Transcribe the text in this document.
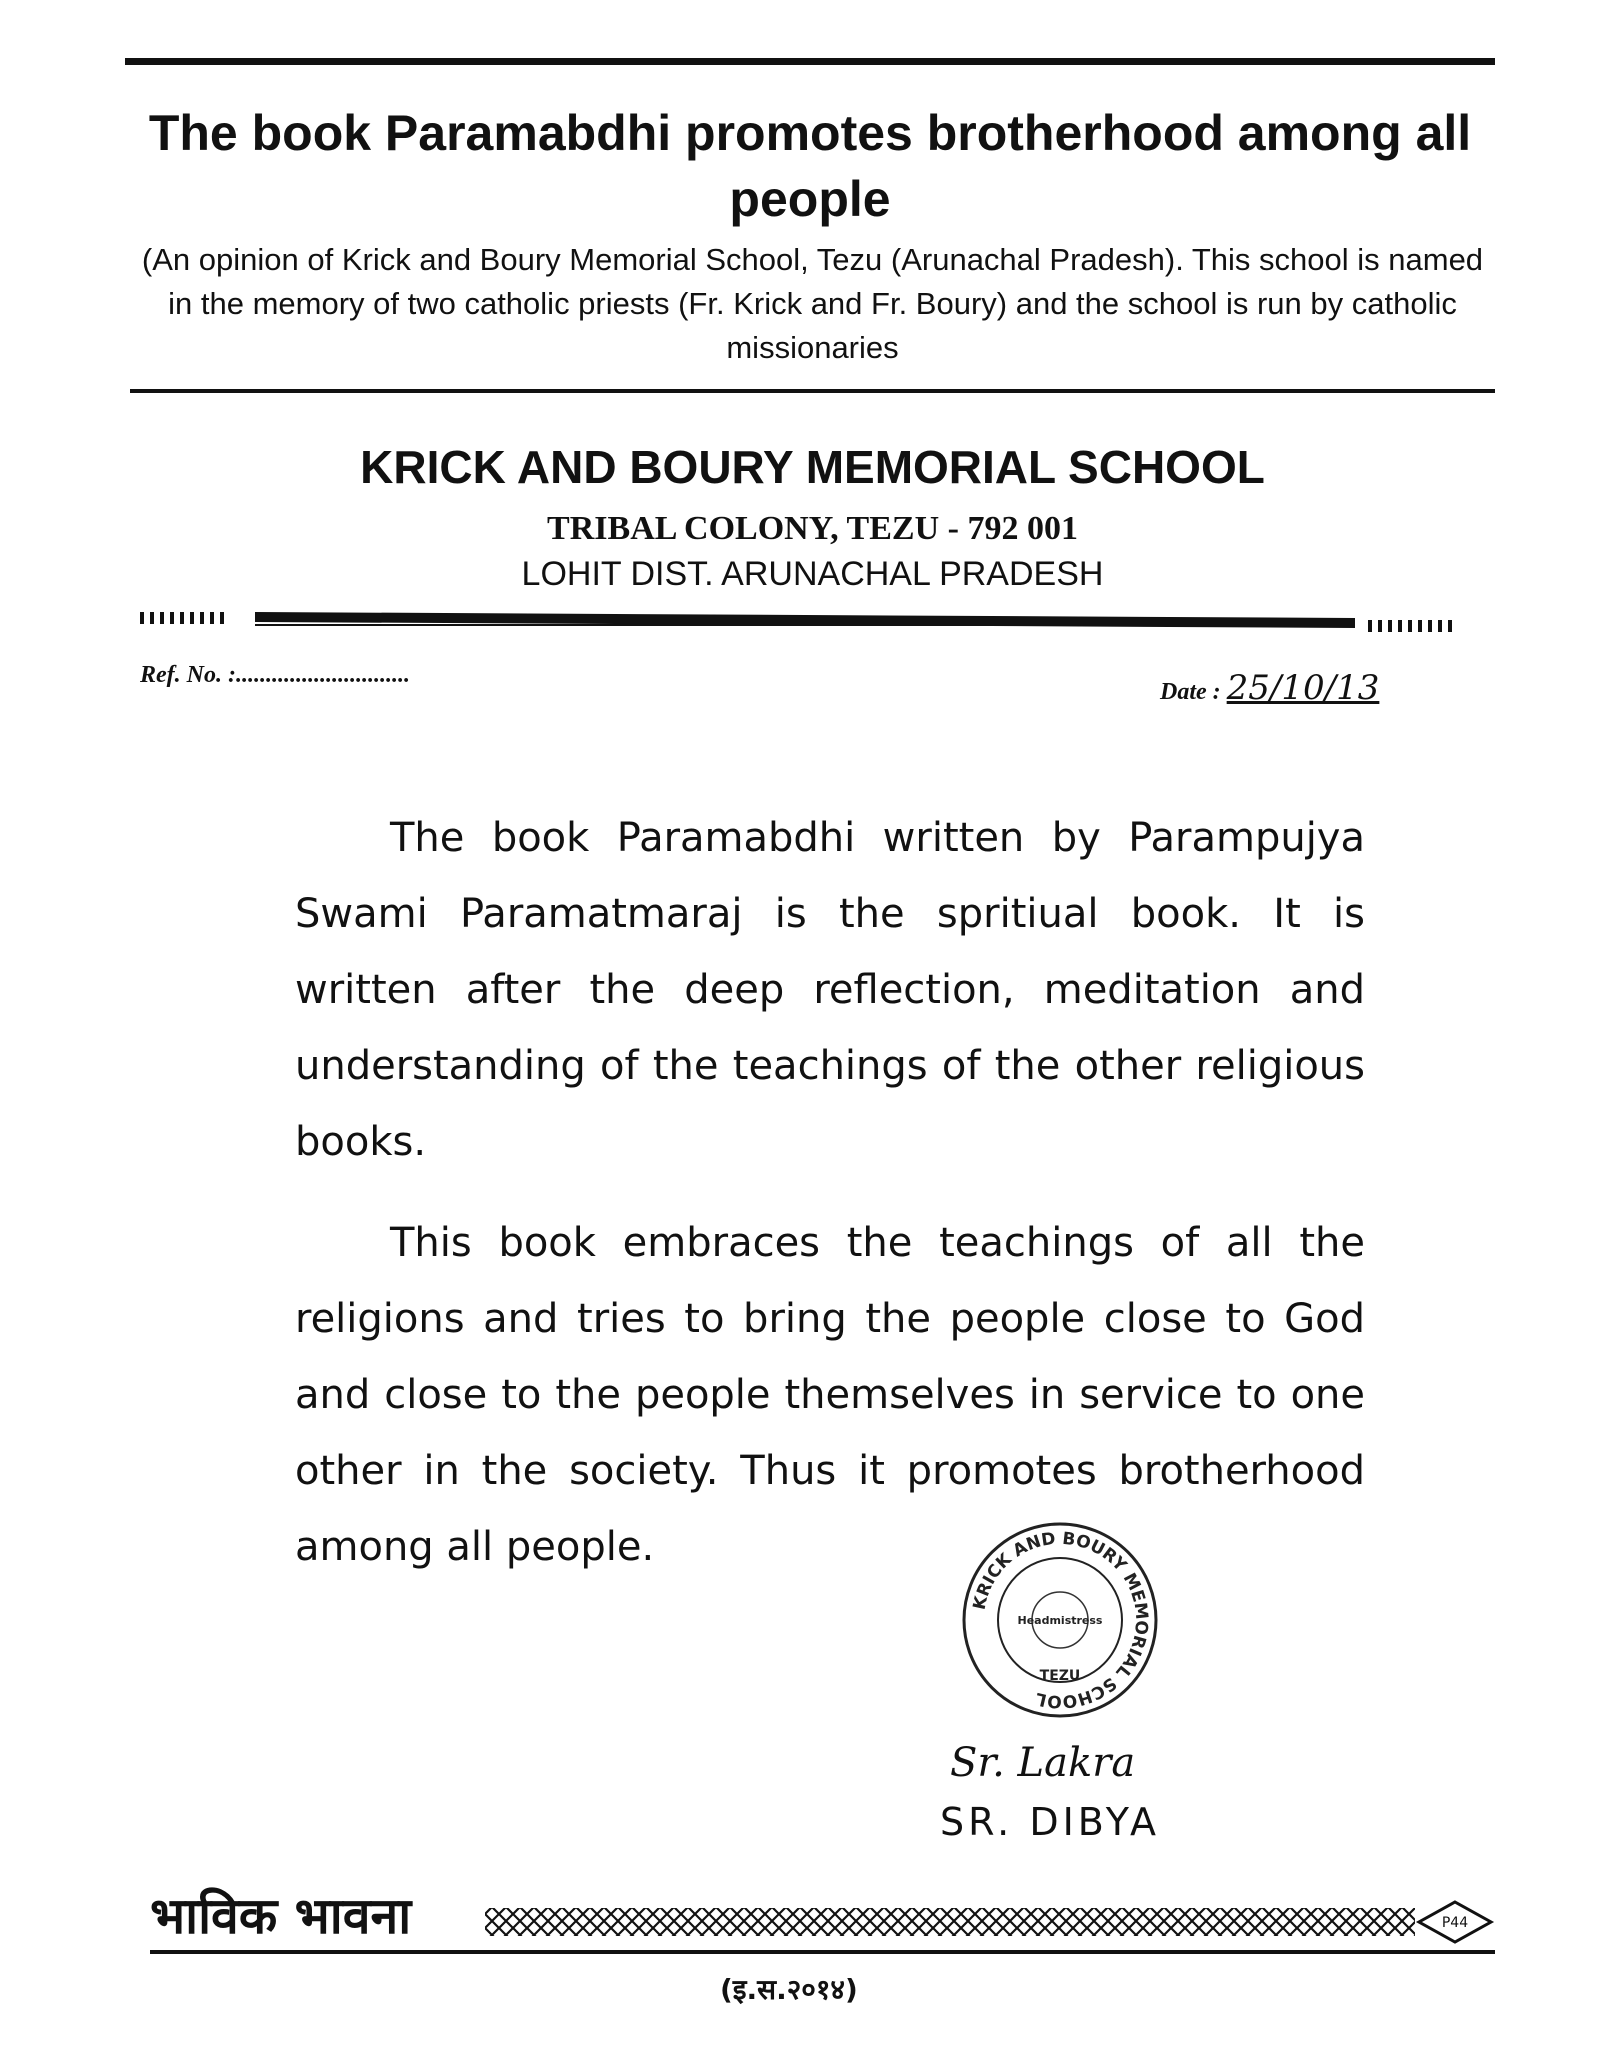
The book Paramabdhi promotes brotherhood among all people
(An opinion of Krick and Boury Memorial School, Tezu (Arunachal Pradesh). This school is named in the memory of two catholic priests (Fr. Krick and Fr. Boury) and the school is run by catholic missionaries
KRICK AND BOURY MEMORIAL SCHOOL
TRIBAL COLONY, TEZU - 792 001
LOHIT DIST. ARUNACHAL PRADESH
Ref. No. :.............................
Date : 25/10/13

The book Paramabdhi written by Parampujya Swami Paramatmaraj is the spritiual book. It is written after the deep reflection, meditation and understanding of the teachings of the other religious books.

This book embraces the teachings of all the religions and tries to bring the people close to God and close to the people themselves in service to one other in the society. Thus it promotes brotherhood among all people.

KRICK AND BOURY MEMORIAL SCHOOL
Headmistress
TEZU
Sr. Lakra
SR. DIBYA
भाविक भावना	P44
(इ.स.२०१४)
